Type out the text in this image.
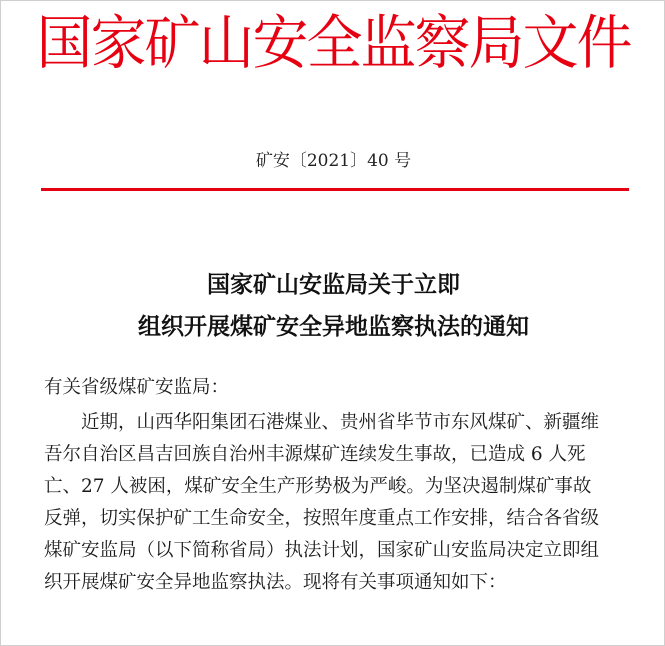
国家矿山安全监察局文件
矿安〔2021〕40 号
国家矿山安监局关于立即
组织开展煤矿安全异地监察执法的通知
有关省级煤矿安监局：
近期，山西华阳集团石港煤业、贵州省毕节市东风煤矿、新疆维
吾尔自治区昌吉回族自治州丰源煤矿连续发生事故，已造成 6 人死
亡、27 人被困，煤矿安全生产形势极为严峻。为坚决遏制煤矿事故
反弹，切实保护矿工生命安全，按照年度重点工作安排，结合各省级
煤矿安监局（以下简称省局）执法计划，国家矿山安监局决定立即组
织开展煤矿安全异地监察执法。现将有关事项通知如下：
